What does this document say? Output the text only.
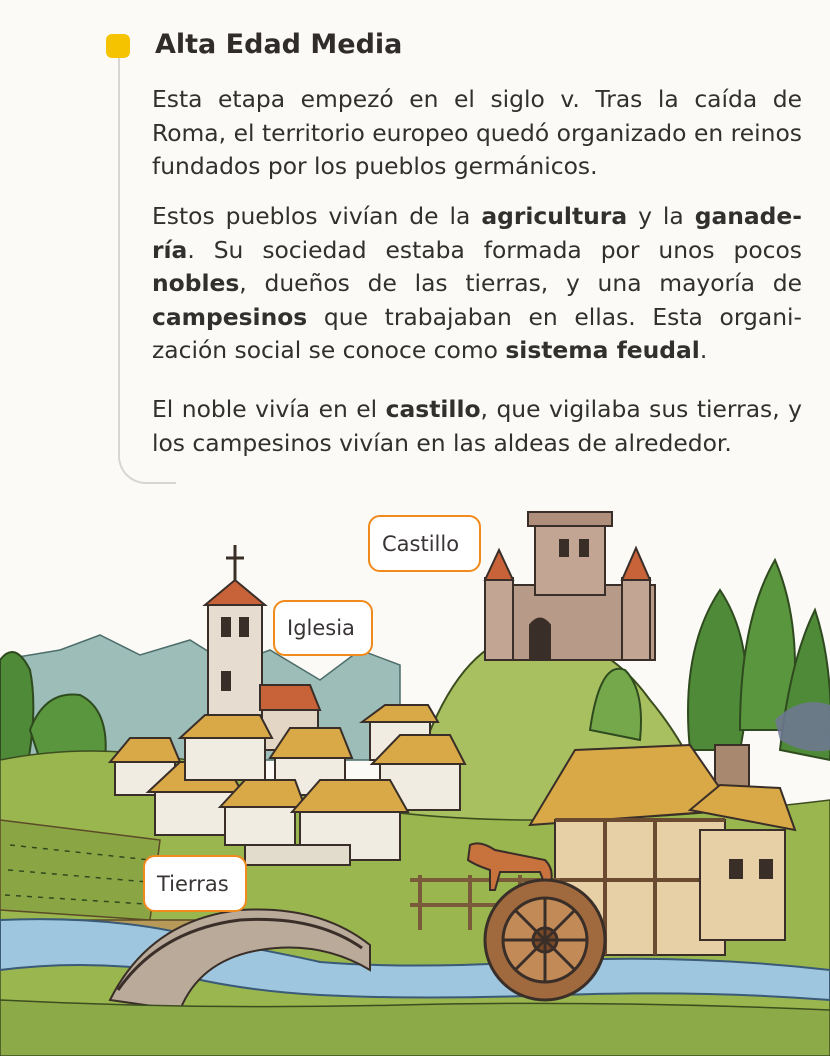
Alta Edad Media

Esta etapa empezó en el siglo v. Tras la caída de Roma, el territorio europeo quedó organizado en reinos fundados por los pueblos germánicos.

Estos pueblos vivían de la agricultura y la ganade-ría. Su sociedad estaba formada por unos pocos nobles, dueños de las tierras, y una mayoría de campesinos que trabajaban en ellas. Esta organi-zación social se conoce como sistema feudal.

El noble vivía en el castillo, que vigilaba sus tierras, y los campesinos vivían en las aldeas de alrededor.

Castillo
Iglesia
Tierras
